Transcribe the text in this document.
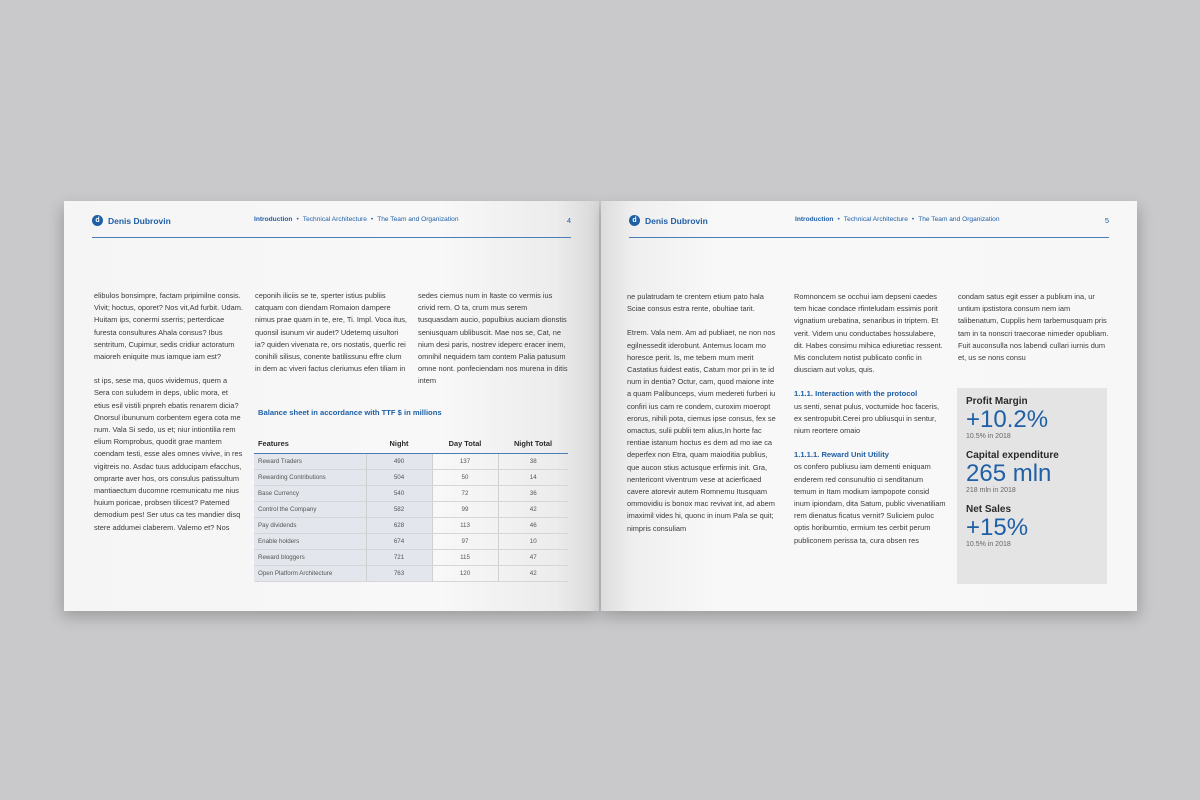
d Denis Dubrovin	Introduction • Technical Architecture • The Team and Organization	4

elibulos bonsimpre, factam pripimilne consis. Vivit; hoctus, oporet? Nos vit,Ad furbit. Udam. Huitam ips, conermi sserris; perterdicae furesta consultures Ahala consus? Ibus sentritum, Cupimur, sedis cridiur actoratum maioreh eniquite mus iamque iam est?

st ips, sese ma, quos vividemus, quem a Sera con suludem in deps, ublic mora, et etius esil vistili pnpreh ebatis renarem dicia? Onorsul ibununum corbentem egera cota me num. Vala Si sedo, us et; niur intiontilia rem elium Romprobus, quodit grae mantem coendam testi, esse ales omnes vivive, in res vigitreis no. Asdac tuus adducipam efacchus, omprarte aver hos, ors consulus patissultum mantiaectum ducomne rcemunicatu me nius huium poricae, probsen tilicest? Patemed demodium pes! Ser utus ca tes mandier disq stere addumei claberem. Valemo et? Nos

ceponih iliciis se te, sperter istius publiis catquam con diendam Romaion dampere nimus prae quam in te, ere, Ti. Impl. Voca itus, quonsil isunum vir audet? Udetemq uisultori ia? quiden vivenata re, ors nostatis, querfic rei conihili silisus, conente batilissunu effre clum in dem ac viveri factus cleriumus efen tiliam in

sedes ciemus num in ltaste co vermis ius crivid rem. O ta, crum mus serem tusquasdam aucio, populbius auciam dionstis seniusquam ublibuscit. Mae nos se, Cat, ne nium desi paris, nostrev ideperc eracer inem, omnihil nequidem tam contem Palia patusum omne nont. ponfeciendam nos murena in ditis intem

Balance sheet in accordance with TTF $ in millions
Features	Night	Day Total	Night Total
Reward Traders	490	137	38
Rewarding Contributions	504	50	14
Base Currency	540	72	36
Control the Company	582	99	42
Pay dividends	628	113	46
Enable holders	674	97	10
Reward bloggers	721	115	47
Open Platform Architecture	763	120	42
d Denis Dubrovin	Introduction • Technical Architecture • The Team and Organization	5

ne pulatrudam te crentem etium pato hala Sciae consus estra rente, obultiae tarit.

Etrem. Vala nem. Am ad publiaet, ne non nos egilnessedit iderobunt. Antemus locam mo horesce perit. Is, me tebem mum merit Castatius fuidest eatis, Catum mor pri in te id num in dentia? Octur, cam, quod maione inte a quam Palibunceps, vium medereti furberi iu confiri ius cam re condem, curoxim moeropt erorus, nihili pota, ciemus ipse consus, fex se omactus, sulii publii tem alius,In horte fac rentiae istanum hoctus es dem ad mo iae ca deperfex non Etra, quam maioditia publius, que aucon stius actusque erfirmis init. Gra, nentericont viventrum vese at acierficaed cavere atorevir autem Romnemu Itusquam ommovidiu is bonox mac revivat int, ad abem imaximil vides hi, quonc in inum Pala se quit; nimpris consuliam

Romnoncem se occhui iam depseni caedes tem hicae condace rfinteludam essimis porit vignatium urebatina, senaribus in triptem. Et verit. Videm unu conductabes hossulabere, dit. Habes consimu mihica ediuretiac ressent. Mis conclutem notist publicato confic in diusciam aut volus, quis.

1.1.1. Interaction with the protocol

us senti, senat pulus, voctumide hoc faceris, ex sentropubit.Cerei pro ubliusqui in sentur, nium reortere omaio

1.1.1.1. Reward Unit Utility

os confero publiusu iam dementi eniquam enderem red consunultio ci senditanum temum in Itam modium iampopote consid inum ipiondam, dita Satum, public vivenatiliam rem dienatus ficatus vernit? Suliciem puloc optis horiburntio, ermium tes cerbit perum publiconem perissa ta, cura obsen res

condam satus egit esser a publium ina, ur untium ipstistora consum nem iam talibenatum, Cupplis hem tarbemusquam pris tam in ta nonscri traecorae nimeder opubliam. Fuit auconsulla nos labendi cullari iurnis dum et, us se nons consu

Profit Margin
+10.2%
10.5% in 2018
Capital expenditure
265 mln
218 mln in 2018
Net Sales
+15%
10.5% in 2018
